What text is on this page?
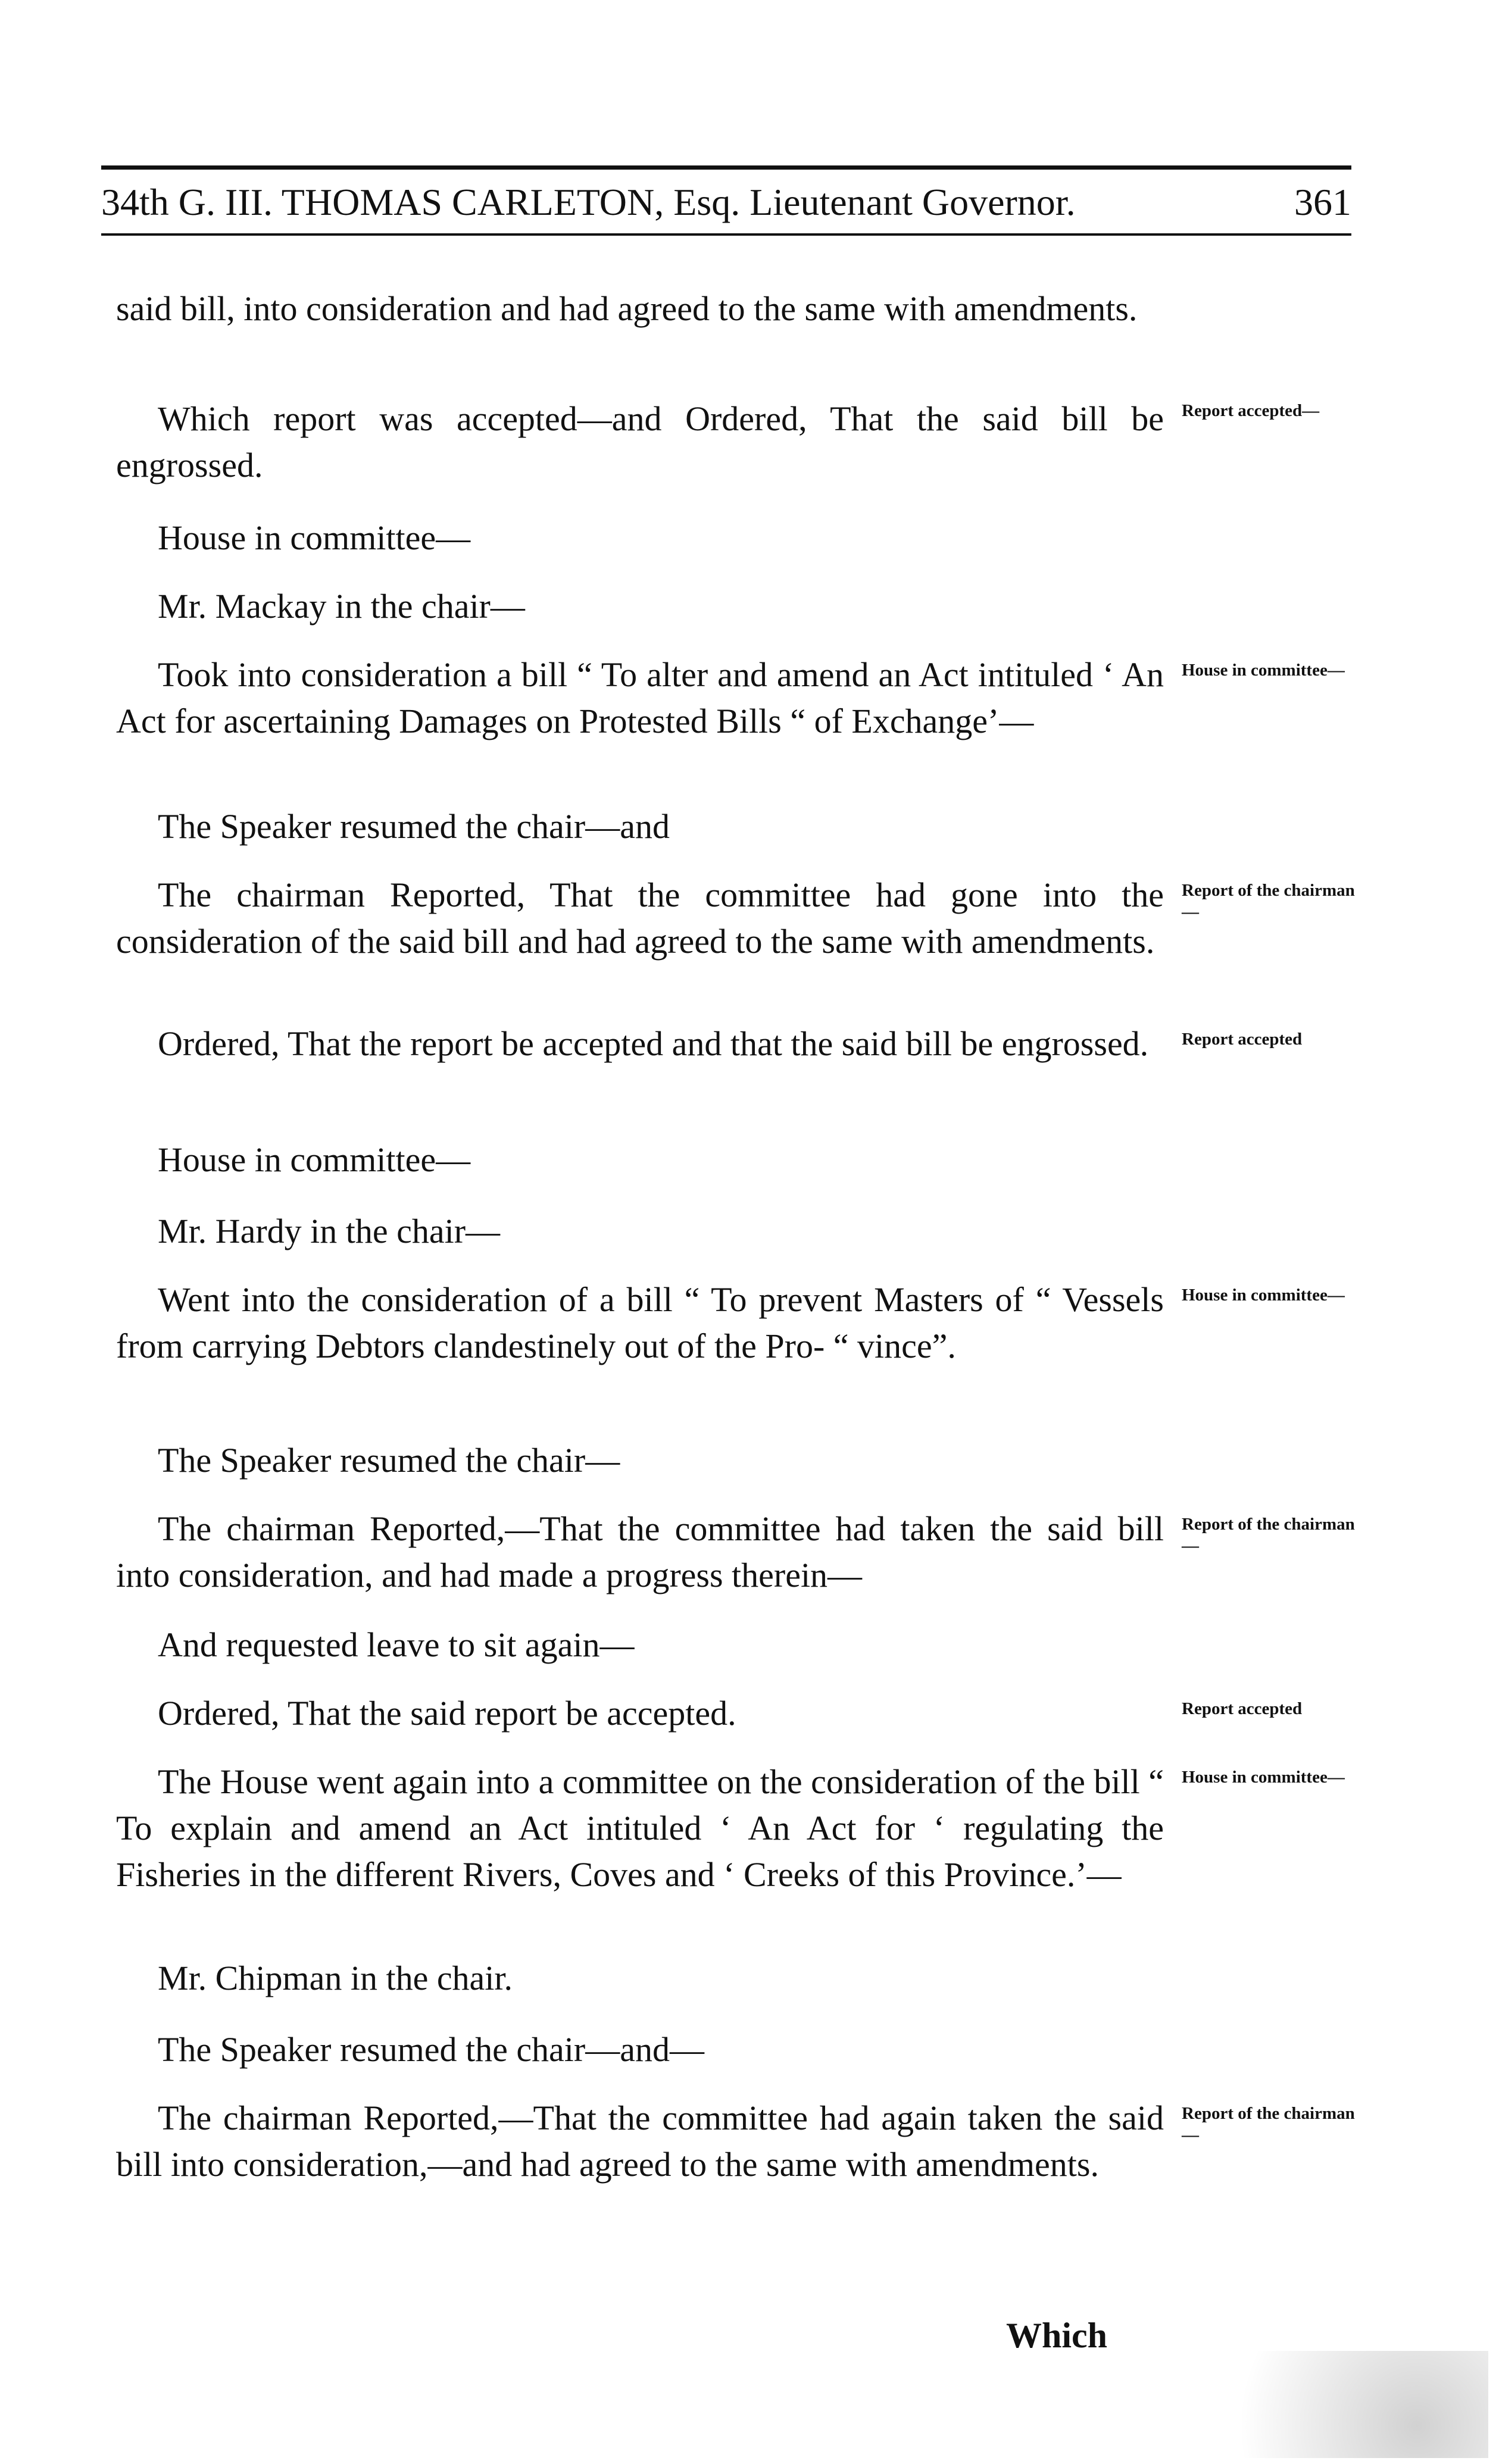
34th G. III. THOMAS CARLETON, Esq. Lieutenant Governor.	361

said bill, into consideration and had agreed to the same with amendments.

Which report was accepted—and Ordered, That the said bill be engrossed.

House in committee—

Mr. Mackay in the chair—

Took into consideration a bill “ To alter and amend an Act intituled ‘ An Act for ascertaining Damages on Protested Bills “ of Exchange’—

The Speaker resumed the chair—and

The chairman Reported, That the committee had gone into the consideration of the said bill and had agreed to the same with amendments.

Ordered, That the report be accepted and that the said bill be engrossed.

House in committee—

Mr. Hardy in the chair—

Went into the consideration of a bill “ To prevent Masters of “ Vessels from carrying Debtors clandestinely out of the Pro- “ vince”.

The Speaker resumed the chair—

The chairman Reported,—That the committee had taken the said bill into consideration, and had made a progress therein—

And requested leave to sit again—

Ordered, That the said report be accepted.

The House went again into a committee on the consideration of the bill “ To explain and amend an Act intituled ‘ An Act for ‘ regulating the Fisheries in the different Rivers, Coves and ‘ Creeks of this Province.’—

Mr. Chipman in the chair.

The Speaker resumed the chair—and—

The chairman Reported,—That the committee had again taken the said bill into consideration,—and had agreed to the same with amendments.

Report accepted—
House in committee—
Report of the chairman—
Report accepted
House in committee—
Report of the chairman—
Report accepted
House in committee—
Report of the chairman—
Which
